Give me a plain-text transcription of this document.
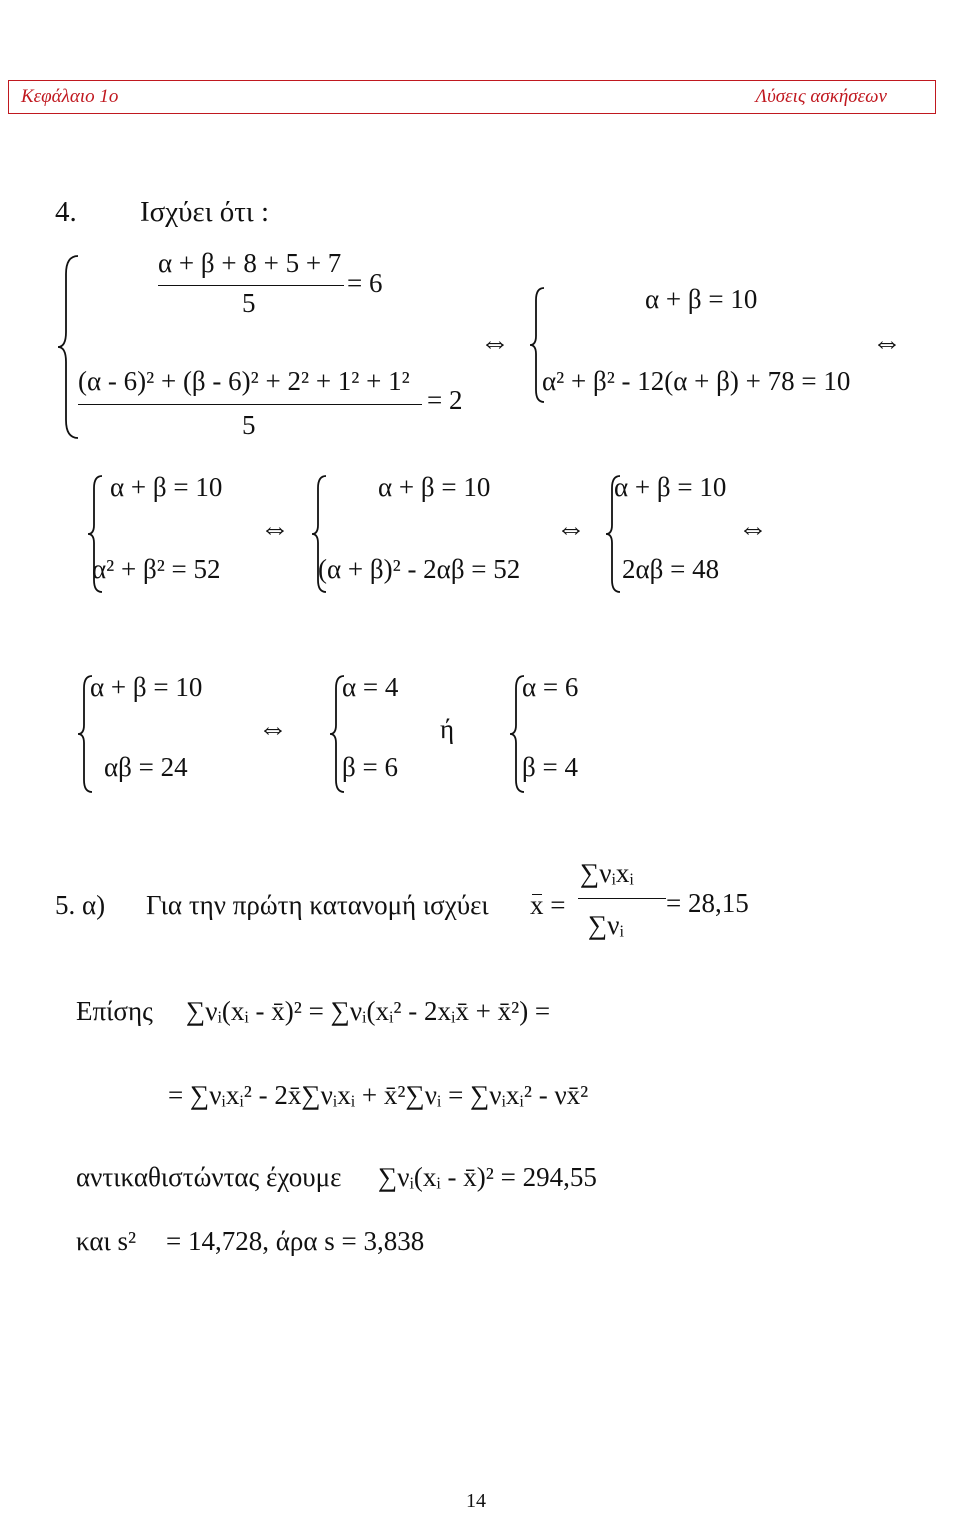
Κεφάλαιο 1ο	Λύσεις ασκήσεων
4. Ισχύει ότι :
α + β + 8 + 5 + 7
5
= 6
(α - 6)² + (β - 6)² + 2² + 1² + 1²
5
= 2
⇔
α + β = 10
α² + β² - 12(α + β) + 78 = 10
⇔
α + β = 10
α² + β² = 52
⇔
α + β = 10
(α + β)² - 2αβ = 52
⇔
α + β = 10
2αβ = 48
⇔
α + β = 10
αβ = 24
⇔
α = 4
β = 6
ή
α = 6
β = 4
5. α) Για την πρώτη κατανομή ισχύει x =
∑νᵢxᵢ
∑νᵢ
= 28,15
Επίσης ∑νᵢ(xᵢ - x̄)² = ∑νᵢ(xᵢ² - 2xᵢx̄ + x̄²) =
= ∑νᵢxᵢ² - 2x̄∑νᵢxᵢ + x̄²∑νᵢ = ∑νᵢxᵢ² - νx̄²
αντικαθιστώντας έχουμε ∑νᵢ(xᵢ - x̄)² = 294,55
και s² = 14,728, άρα s = 3,838
14
